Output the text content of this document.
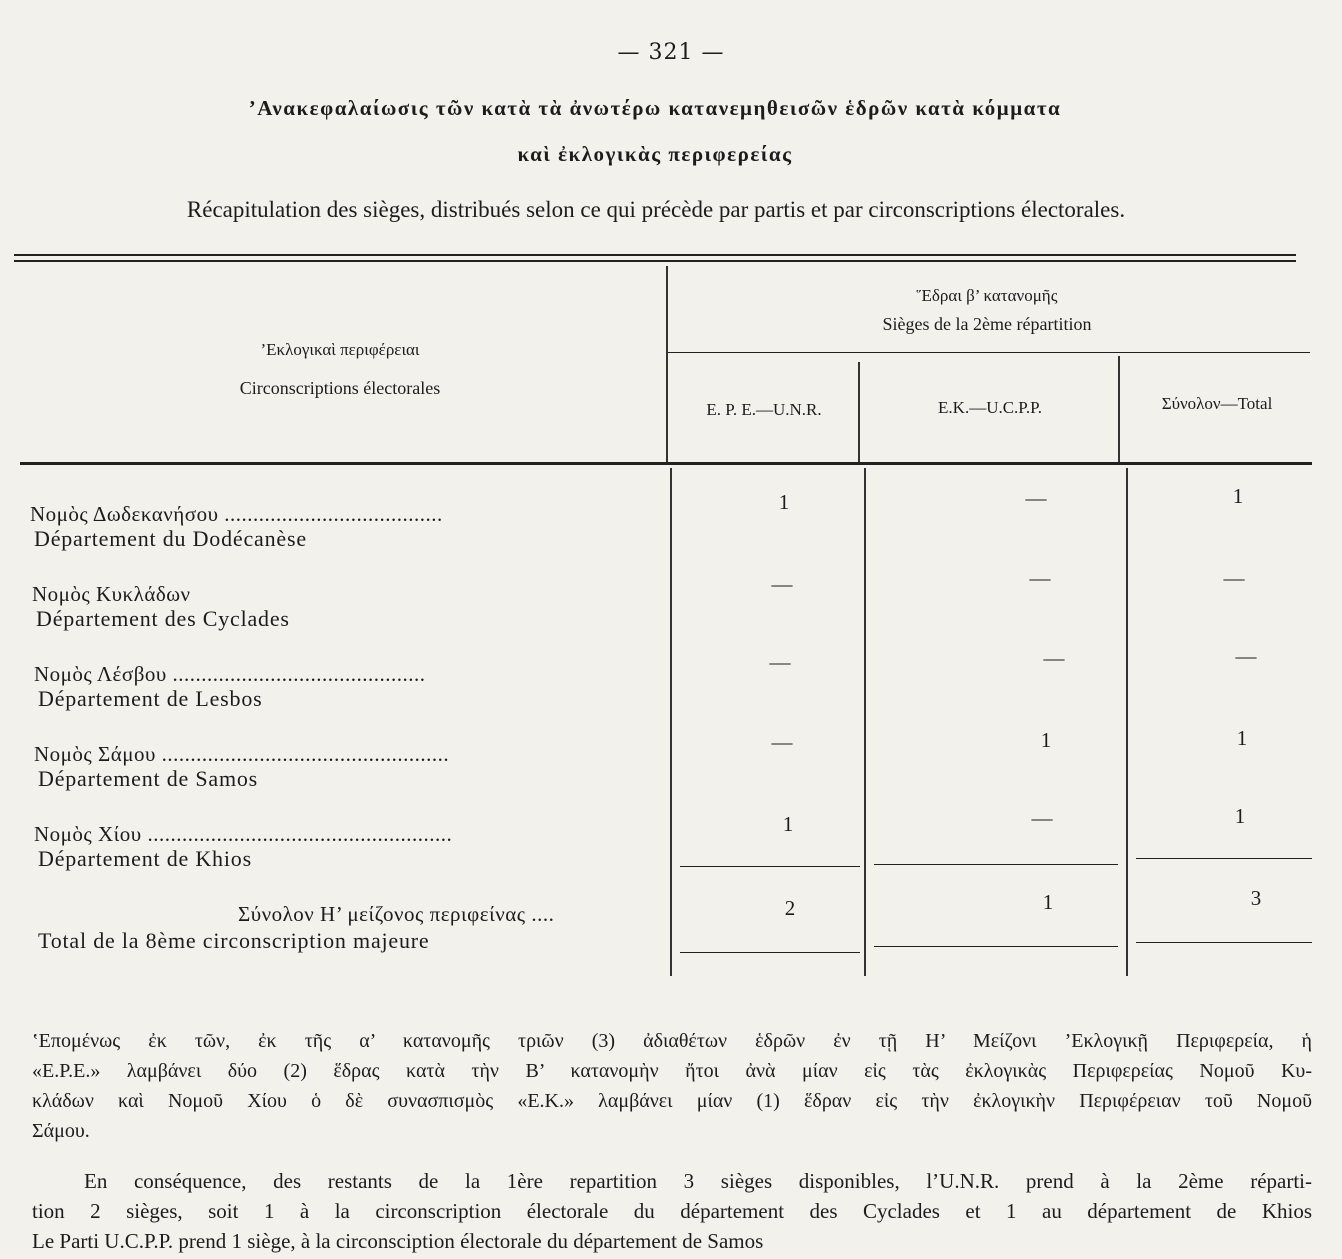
— 321 —
’Ανακεφαλαίωσις τῶν κατὰ τὰ ἀνωτέρω κατανεμηθεισῶν ἑδρῶν κατὰ κόμματα
καὶ ἐκλογικὰς περιφερείας
Récapitulation des sièges, distribués selon ce qui précède par partis et par circonscriptions électorales.
’Εκλογικαὶ περιφέρειαι
Circonscriptions électorales
Ἕδραι β’ κατανομῆς
Sièges de la 2ème répartition
E. P. E.—U.N.R.	E.K.—U.C.P.P.	Σύνολον—Total
Νομὸς Δωδεκανήσου ......................................
Département du Dodécanèse
1	—	1
Νομὸς Κυκλάδων
Département des Cyclades
—	—	—
Νομὸς Λέσβου ............................................
Département de Lesbos
—	—	—
Νομὸς Σάμου ..................................................
Département de Samos
—	1	1
Νομὸς Χίου .....................................................
Département de Khios
1	—	1
Σύνολον Η’ μείζονος περιφείνας ....
Total de la 8ème circonscription majeure
2	1	3
‛Επομένως ἐκ τῶν, ἐκ τῆς α’ κατανομῆς τριῶν (3) ἀδιαθέτων ἑδρῶν ἐν τῇ Η’ Μείζονι ’Εκλογικῇ Περιφερεία, ἡ
«E.P.E.» λαμβάνει δύο (2) ἕδρας κατὰ τὴν Β’ κατανομὴν ἤτοι ἀνὰ μίαν εἰς τὰς ἐκλογικὰς Περιφερείας Νομοῦ Κυ-
κλάδων καὶ Νομοῦ Χίου ὁ δὲ συνασπισμὸς «Ε.Κ.» λαμβάνει μίαν (1) ἕδραν εἰς τὴν ἐκλογικὴν Περιφέρειαν τοῦ Νομοῦ
Σάμου.
En conséquence, des restants de la 1ère repartition 3 sièges disponibles, l’U.N.R. prend à la 2ème réparti-
tion 2 sièges, soit 1 à la circonscription électorale du département des Cyclades et 1 au département de Khios
Le Parti U.C.P.P. prend 1 siège, à la circonsciption électorale du département de Samos
